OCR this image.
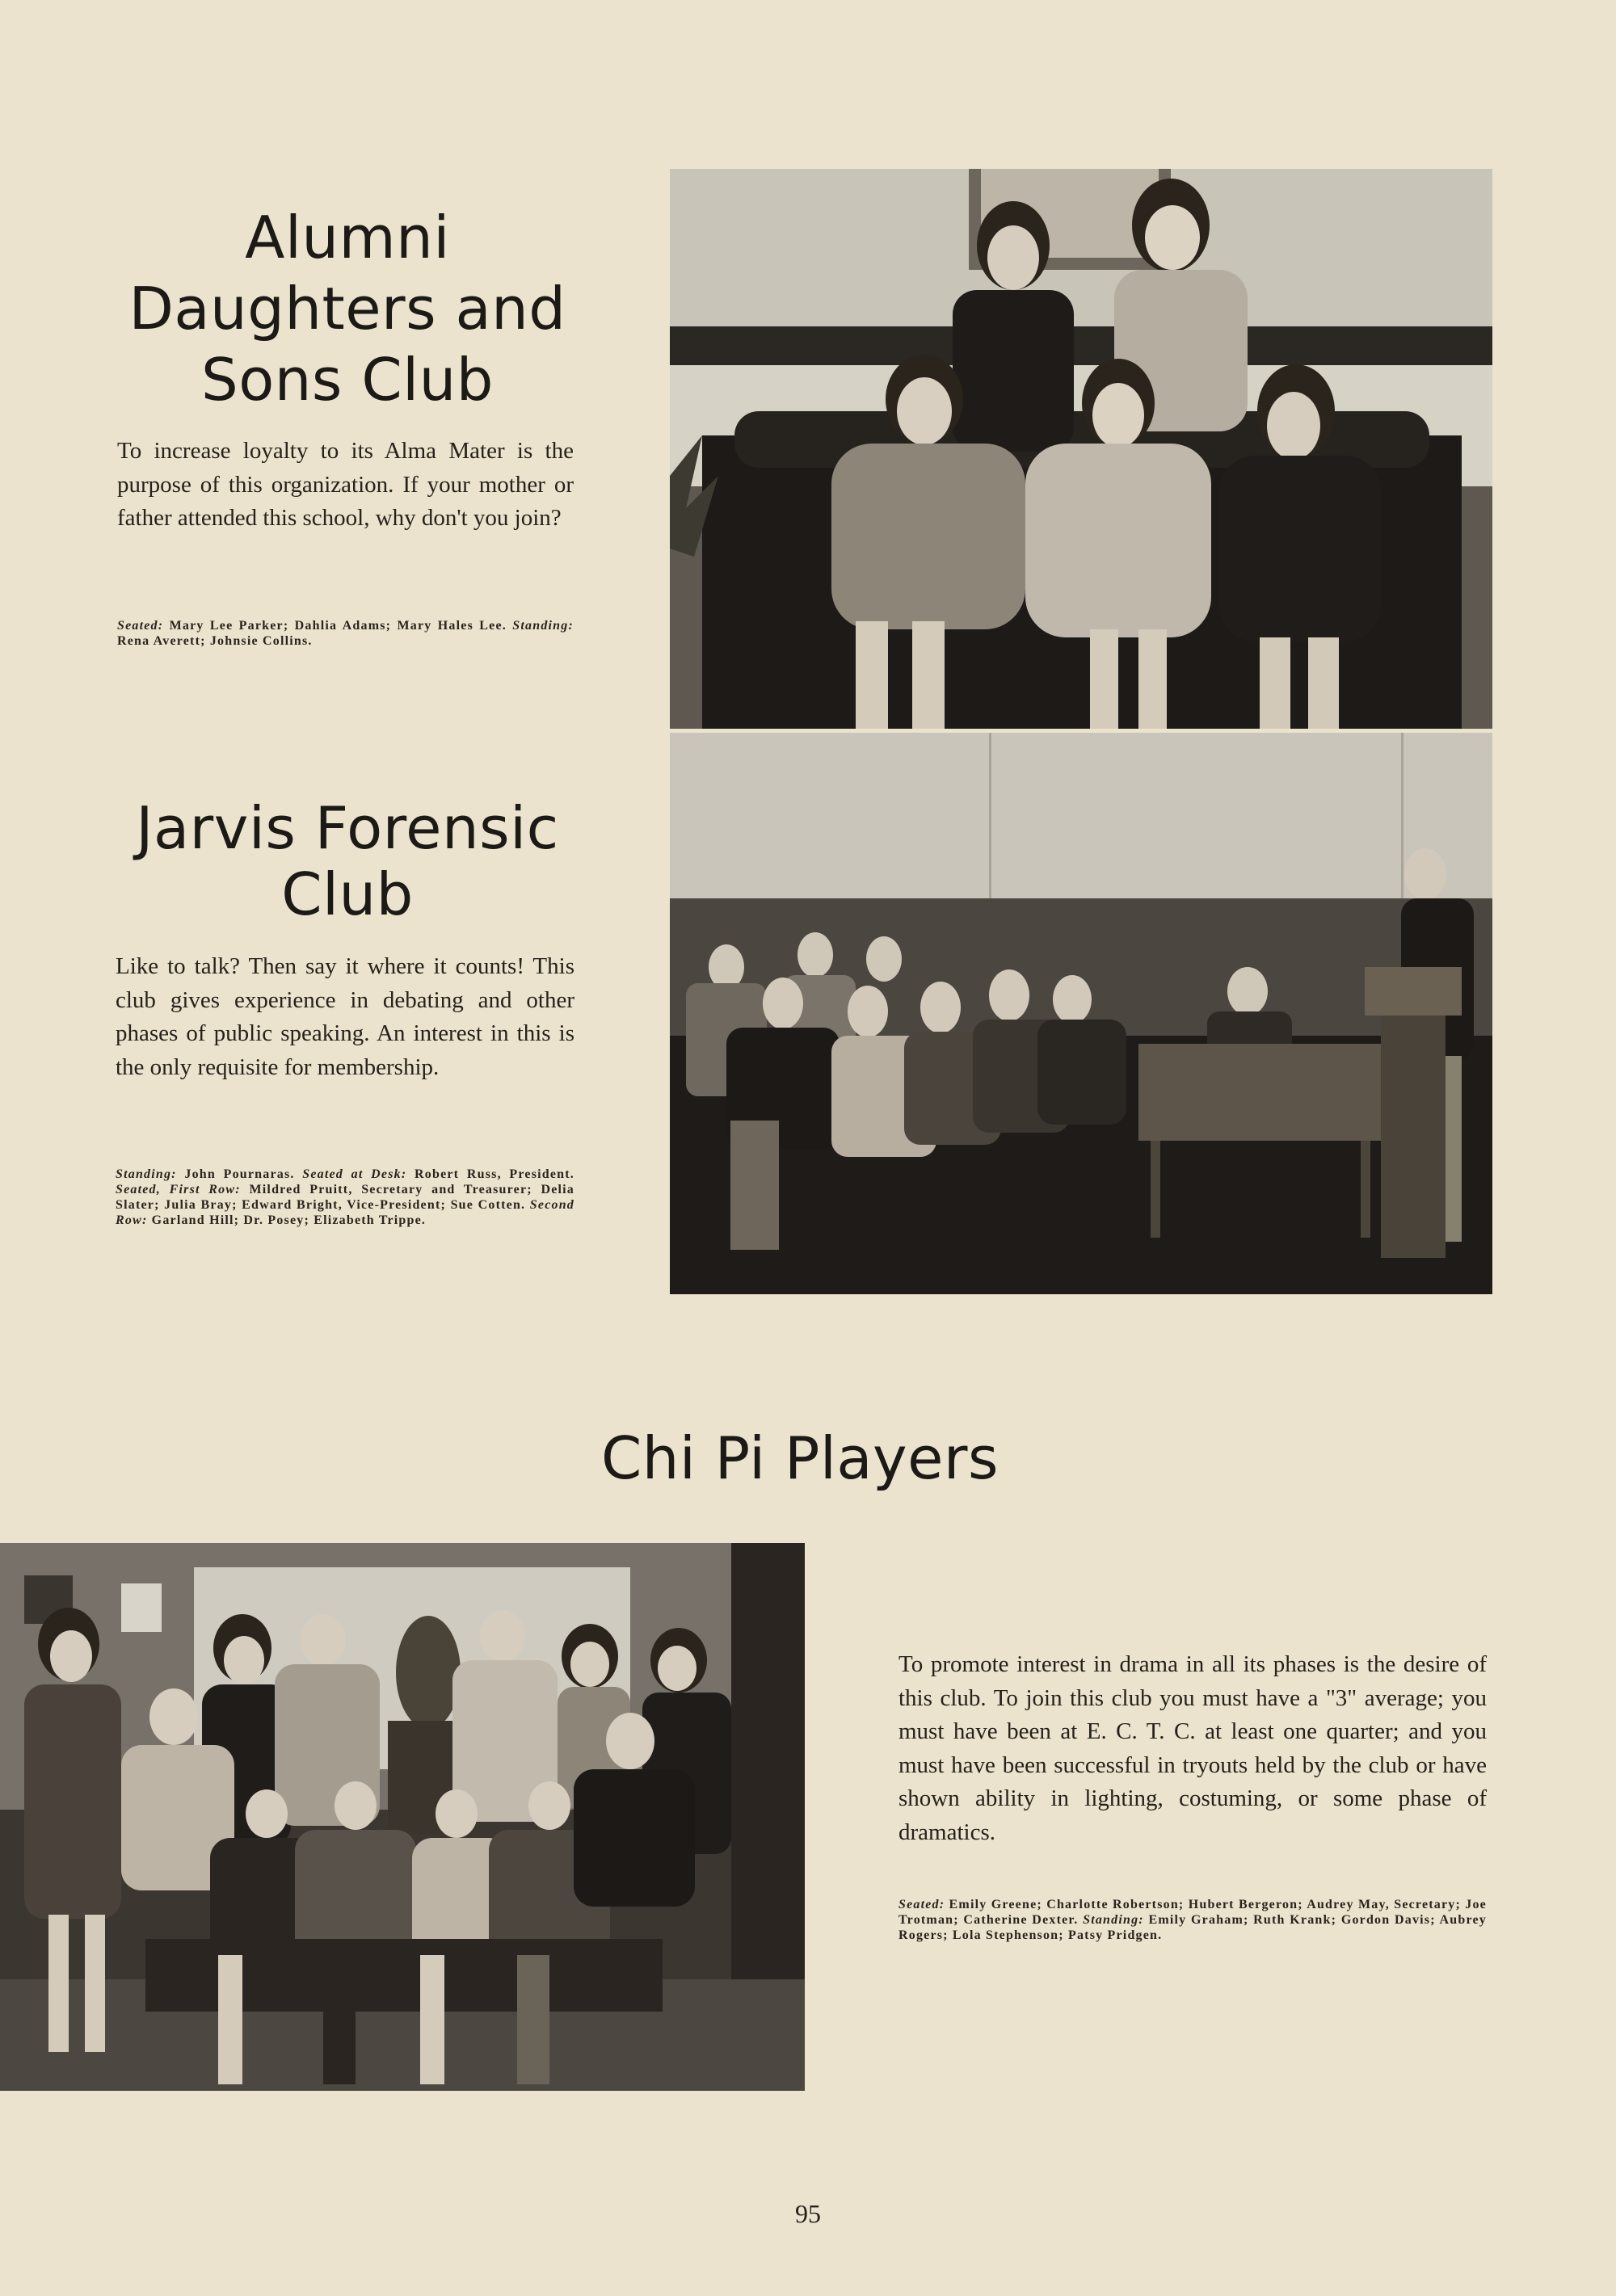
Alumni
Daughters and
Sons Club

To increase loyalty to its Alma Mater is the purpose of this organization. If your mother or father attended this school, why don't you join?

Seated: Mary Lee Parker; Dahlia Adams; Mary Hales Lee. Standing: Rena Averett; Johnsie Collins.

Jarvis Forensic
Club

Like to talk? Then say it where it counts! This club gives experience in debating and other phases of public speaking. An interest in this is the only requisite for membership.

Standing: John Pournaras. Seated at Desk: Robert Russ, President. Seated, First Row: Mildred Pruitt, Secretary and Treasurer; Delia Slater; Julia Bray; Edward Bright, Vice-President; Sue Cotten. Second Row: Garland Hill; Dr. Posey; Elizabeth Trippe.

Chi Pi Players

To promote interest in drama in all its phases is the desire of this club. To join this club you must have a "3" average; you must have been at E. C. T. C. at least one quarter; and you must have been successful in tryouts held by the club or have shown ability in lighting, costuming, or some phase of dramatics.

Seated: Emily Greene; Charlotte Robertson; Hubert Bergeron; Audrey May, Secretary; Joe Trotman; Catherine Dexter. Standing: Emily Graham; Ruth Krank; Gordon Davis; Aubrey Rogers; Lola Stephenson; Patsy Pridgen.

95
